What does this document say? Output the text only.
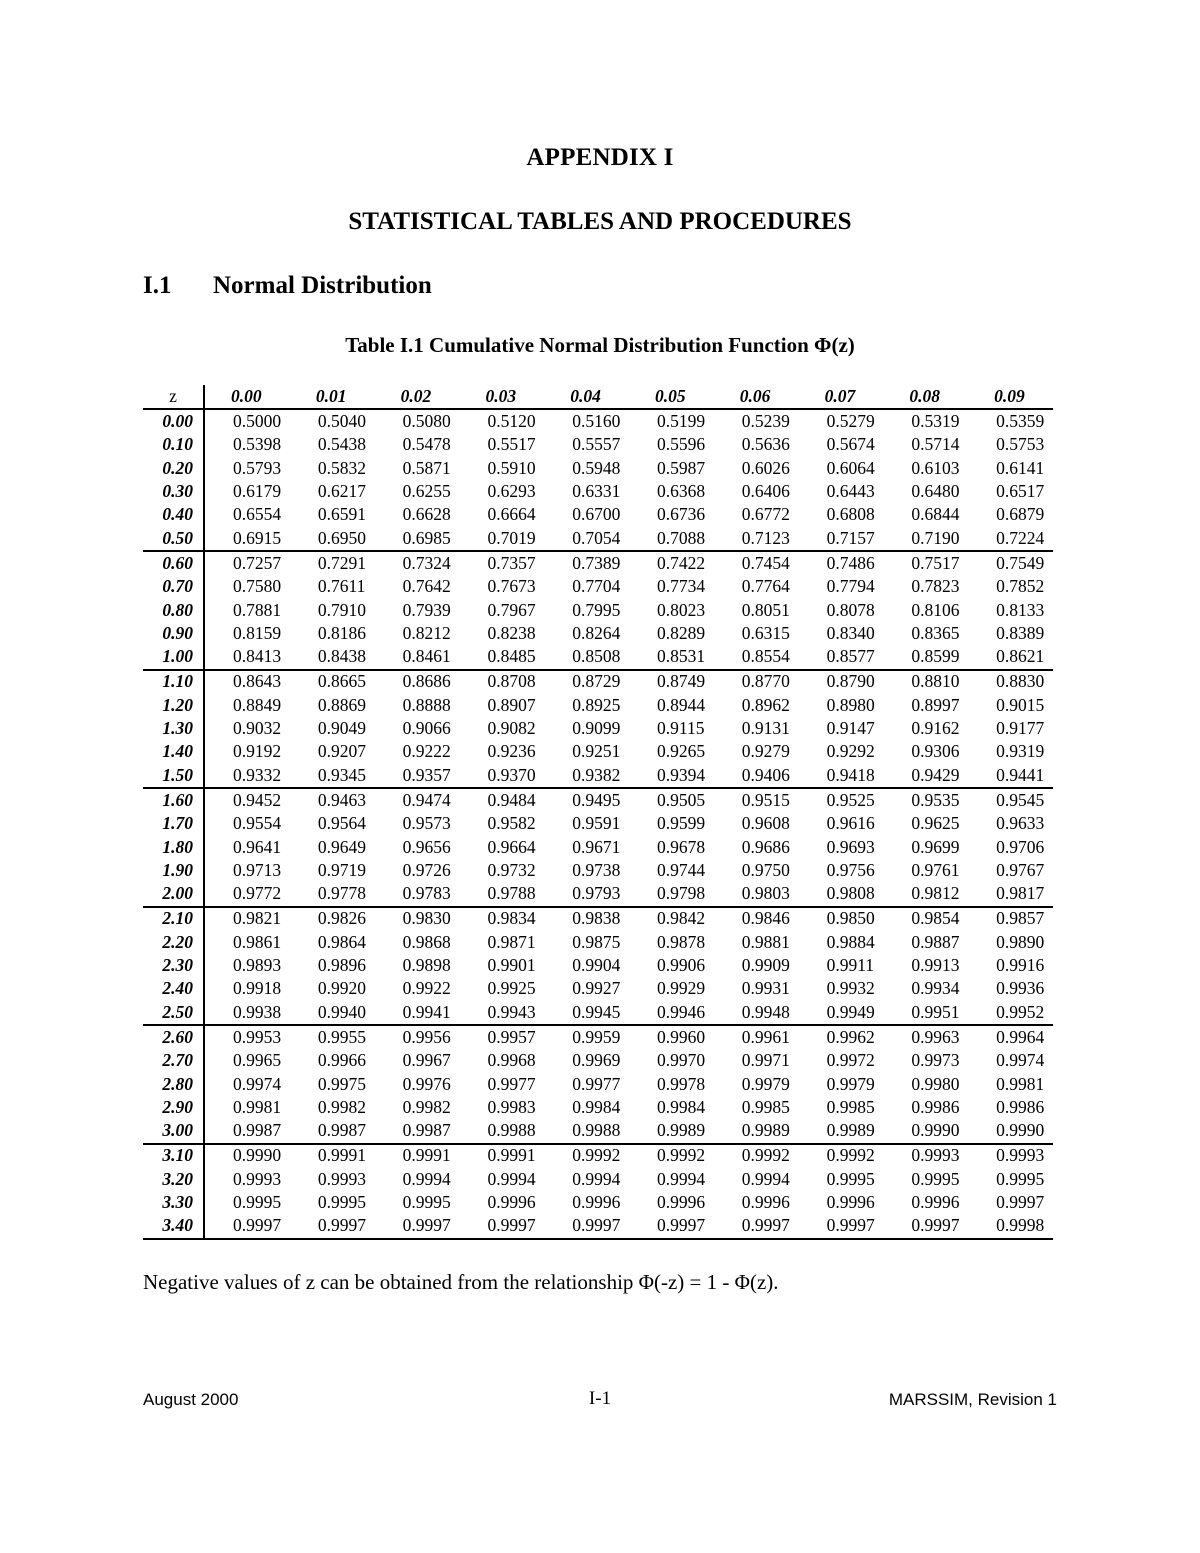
APPENDIX I
STATISTICAL TABLES AND PROCEDURES
I.1 Normal Distribution
Table I.1 Cumulative Normal Distribution Function Φ(z)
z	0.00	0.01	0.02	0.03	0.04	0.05	0.06	0.07	0.08	0.09
0.00	0.5000	0.5040	0.5080	0.5120	0.5160	0.5199	0.5239	0.5279	0.5319	0.5359
0.10	0.5398	0.5438	0.5478	0.5517	0.5557	0.5596	0.5636	0.5674	0.5714	0.5753
0.20	0.5793	0.5832	0.5871	0.5910	0.5948	0.5987	0.6026	0.6064	0.6103	0.6141
0.30	0.6179	0.6217	0.6255	0.6293	0.6331	0.6368	0.6406	0.6443	0.6480	0.6517
0.40	0.6554	0.6591	0.6628	0.6664	0.6700	0.6736	0.6772	0.6808	0.6844	0.6879
0.50	0.6915	0.6950	0.6985	0.7019	0.7054	0.7088	0.7123	0.7157	0.7190	0.7224
0.60	0.7257	0.7291	0.7324	0.7357	0.7389	0.7422	0.7454	0.7486	0.7517	0.7549
0.70	0.7580	0.7611	0.7642	0.7673	0.7704	0.7734	0.7764	0.7794	0.7823	0.7852
0.80	0.7881	0.7910	0.7939	0.7967	0.7995	0.8023	0.8051	0.8078	0.8106	0.8133
0.90	0.8159	0.8186	0.8212	0.8238	0.8264	0.8289	0.6315	0.8340	0.8365	0.8389
1.00	0.8413	0.8438	0.8461	0.8485	0.8508	0.8531	0.8554	0.8577	0.8599	0.8621
1.10	0.8643	0.8665	0.8686	0.8708	0.8729	0.8749	0.8770	0.8790	0.8810	0.8830
1.20	0.8849	0.8869	0.8888	0.8907	0.8925	0.8944	0.8962	0.8980	0.8997	0.9015
1.30	0.9032	0.9049	0.9066	0.9082	0.9099	0.9115	0.9131	0.9147	0.9162	0.9177
1.40	0.9192	0.9207	0.9222	0.9236	0.9251	0.9265	0.9279	0.9292	0.9306	0.9319
1.50	0.9332	0.9345	0.9357	0.9370	0.9382	0.9394	0.9406	0.9418	0.9429	0.9441
1.60	0.9452	0.9463	0.9474	0.9484	0.9495	0.9505	0.9515	0.9525	0.9535	0.9545
1.70	0.9554	0.9564	0.9573	0.9582	0.9591	0.9599	0.9608	0.9616	0.9625	0.9633
1.80	0.9641	0.9649	0.9656	0.9664	0.9671	0.9678	0.9686	0.9693	0.9699	0.9706
1.90	0.9713	0.9719	0.9726	0.9732	0.9738	0.9744	0.9750	0.9756	0.9761	0.9767
2.00	0.9772	0.9778	0.9783	0.9788	0.9793	0.9798	0.9803	0.9808	0.9812	0.9817
2.10	0.9821	0.9826	0.9830	0.9834	0.9838	0.9842	0.9846	0.9850	0.9854	0.9857
2.20	0.9861	0.9864	0.9868	0.9871	0.9875	0.9878	0.9881	0.9884	0.9887	0.9890
2.30	0.9893	0.9896	0.9898	0.9901	0.9904	0.9906	0.9909	0.9911	0.9913	0.9916
2.40	0.9918	0.9920	0.9922	0.9925	0.9927	0.9929	0.9931	0.9932	0.9934	0.9936
2.50	0.9938	0.9940	0.9941	0.9943	0.9945	0.9946	0.9948	0.9949	0.9951	0.9952
2.60	0.9953	0.9955	0.9956	0.9957	0.9959	0.9960	0.9961	0.9962	0.9963	0.9964
2.70	0.9965	0.9966	0.9967	0.9968	0.9969	0.9970	0.9971	0.9972	0.9973	0.9974
2.80	0.9974	0.9975	0.9976	0.9977	0.9977	0.9978	0.9979	0.9979	0.9980	0.9981
2.90	0.9981	0.9982	0.9982	0.9983	0.9984	0.9984	0.9985	0.9985	0.9986	0.9986
3.00	0.9987	0.9987	0.9987	0.9988	0.9988	0.9989	0.9989	0.9989	0.9990	0.9990
3.10	0.9990	0.9991	0.9991	0.9991	0.9992	0.9992	0.9992	0.9992	0.9993	0.9993
3.20	0.9993	0.9993	0.9994	0.9994	0.9994	0.9994	0.9994	0.9995	0.9995	0.9995
3.30	0.9995	0.9995	0.9995	0.9996	0.9996	0.9996	0.9996	0.9996	0.9996	0.9997
3.40	0.9997	0.9997	0.9997	0.9997	0.9997	0.9997	0.9997	0.9997	0.9997	0.9998
Negative values of z can be obtained from the relationship Φ(-z) = 1 - Φ(z).
August 2000	I-1	MARSSIM, Revision 1
